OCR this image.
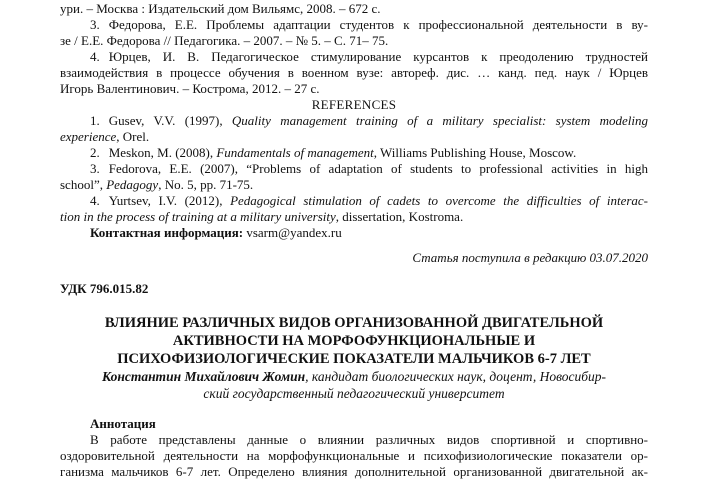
ури. – Москва : Издательский дом Вильямс, 2008. – 672 с.
3. Федорова, Е.Е. Проблемы адаптации студентов к профессиональной деятельности в ву-
зе / Е.Е. Федорова // Педагогика. – 2007. – № 5. – С. 71– 75.
4. Юрцев, И. В. Педагогическое стимулирование курсантов к преодолению трудностей
взаимодействия в процессе обучения в военном вузе: автореф. дис. … канд. пед. наук / Юрцев
Игорь Валентинович. – Кострома, 2012. – 27 с.
REFERENCES
1. Gusev, V.V. (1997), Quality management training of a military specialist: system modeling
experience, Orel.
2. Meskon, M. (2008), Fundamentals of management, Williams Publishing House, Moscow.
3. Fedorova, E.E. (2007), “Problems of adaptation of students to professional activities in high
school”, Pedagogy, No. 5, pp. 71-75.
4. Yurtsev, I.V. (2012), Pedagogical stimulation of cadets to overcome the difficulties of interac-
tion in the process of training at a military university, dissertation, Kostroma.
Контактная информация: vsarm@yandex.ru
Статья поступила в редакцию 03.07.2020
УДК 796.015.82
ВЛИЯНИЕ РАЗЛИЧНЫХ ВИДОВ ОРГАНИЗОВАННОЙ ДВИГАТЕЛЬНОЙ
АКТИВНОСТИ НА МОРФОФУНКЦИОНАЛЬНЫЕ И
ПСИХОФИЗИОЛОГИЧЕСКИЕ ПОКАЗАТЕЛИ МАЛЬЧИКОВ 6-7 ЛЕТ
Константин Михайлович Жомин, кандидат биологических наук, доцент, Новосибир-
ский государственный педагогический университет
Аннотация
В работе представлены данные о влиянии различных видов спортивной и спортивно-
оздоровительной деятельности на морфофункциональные и психофизиологические показатели ор-
ганизма мальчиков 6-7 лет. Определено влияния дополнительной организованной двигательной ак-
